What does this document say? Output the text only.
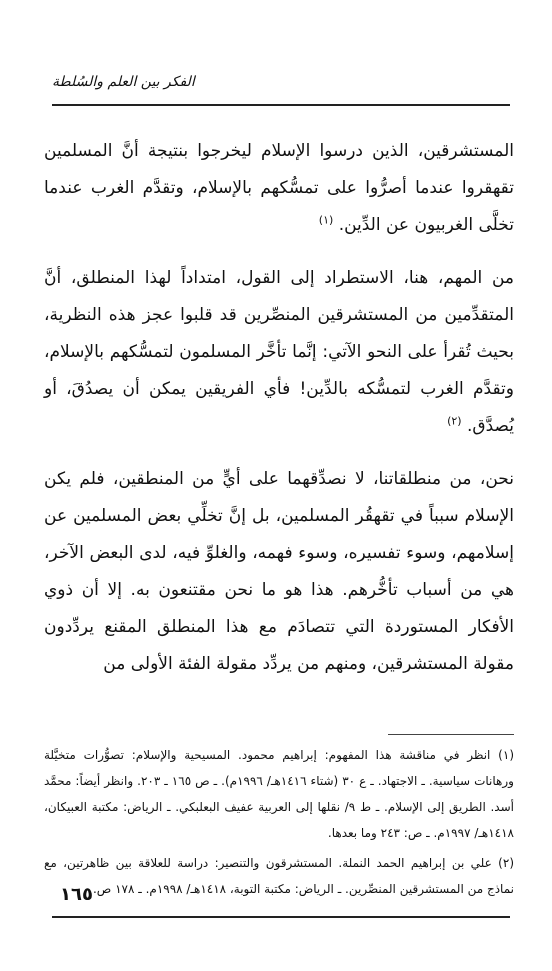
الفكر بين العلم والسُلطة

المستشرقين، الذين درسوا الإسلام ليخرجوا بنتيجة أنَّ المسلمين تقهقروا عندما أصرُّوا على تمسُّكهم بالإسلام، وتقدَّم الغرب عندما تخلَّى الغربيون عن الدِّين. $^{(١)}$

من المهم، هنا، الاستطراد إلى القول، امتداداً لهذا المنطلق، أنَّ المتقدِّمين من المستشرقين المنصِّرين قد قلبوا عجز هذه النظرية، بحيث تُقرأ على النحو الآتي: إنَّما تأخَّر المسلمون لتمسُّكهم بالإسلام، وتقدَّم الغرب لتمسُّكه بالدِّين! فأي الفريقين يمكن أن يصدُقَ، أو يُصدَّق. $^{(٢)}$

نحن، من منطلقاتنا، لا نصدِّقهما على أيٍّ من المنطقين، فلم يكن الإسلام سبباً في تقهقُر المسلمين، بل إنَّ تخلِّي بعض المسلمين عن إسلامهم، وسوء تفسيره، وسوء فهمه، والغلوِّ فيه، لدى البعض الآخر، هي من أسباب تأخُّرهم. هذا هو ما نحن مقتنعون به. إلا أن ذوي الأفكار المستوردة التي تتصادَم مع هذا المنطلق المقنع يردِّدون مقولة المستشرقين، ومنهم من يردِّد مقولة الفئة الأولى من

(١) انظر في مناقشة هذا المفهوم: إبراهيم محمود. المسيحية والإسلام: تصوُّرات متخيَّلة ورهانات سياسية. ـ الاجتهاد. ـ ع ٣٠ (شتاء ١٤١٦هـ/ ١٩٩٦م). ـ ص ١٦٥ ـ ٢٠٣. وانظر أيضاً: محمَّد أسد. الطريق إلى الإسلام. ـ ط ٩/ نقلها إلى العربية عفيف البعلبكي. ـ الرياض: مكتبة العبيكان، ١٤١٨هـ/ ١٩٩٧م. ـ ص: ٢٤٣ وما بعدها.

(٢) علي بن إبراهيم الحمد النملة. المستشرقون والتنصير: دراسة للعلاقة بين ظاهرتين، مع نماذج من المستشرقين المنصِّرين. ـ الرياض: مكتبة التوبة، ١٤١٨هـ/ ١٩٩٨م. ـ ١٧٨ ص.

١٦٥
